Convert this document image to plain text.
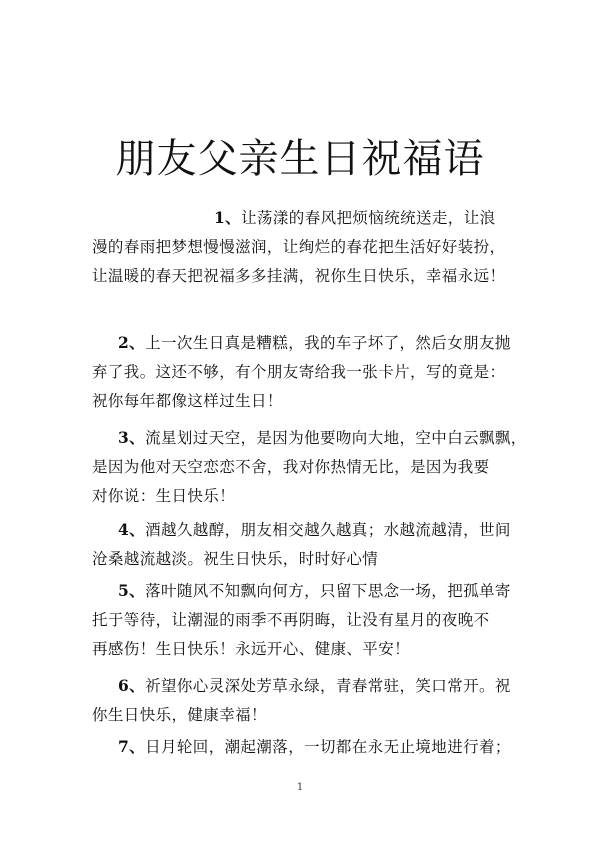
朋友父亲生日祝福语
1、让荡漾的春风把烦恼统统送走，让浪
漫的春雨把梦想慢慢滋润，让绚烂的春花把生活好好装扮，
让温暖的春天把祝福多多挂满，祝你生日快乐，幸福永远！
2、上一次生日真是糟糕，我的车子坏了，然后女朋友抛
弃了我。这还不够，有个朋友寄给我一张卡片，写的竟是：
祝你每年都像这样过生日！
3、流星划过天空，是因为他要吻向大地，空中白云飘飘，
是因为他对天空恋恋不舍，我对你热情无比，是因为我要
对你说：生日快乐！
4、酒越久越醇，朋友相交越久越真；水越流越清，世间
沧桑越流越淡。祝生日快乐，时时好心情
5、落叶随风不知飘向何方，只留下思念一场，把孤单寄
托于等待，让潮湿的雨季不再阴晦，让没有星月的夜晚不
再感伤！生日快乐！永远开心、健康、平安！
6、祈望你心灵深处芳草永绿，青春常驻，笑口常开。祝
你生日快乐，健康幸福！
7、日月轮回，潮起潮落，一切都在永无止境地进行着；
1
